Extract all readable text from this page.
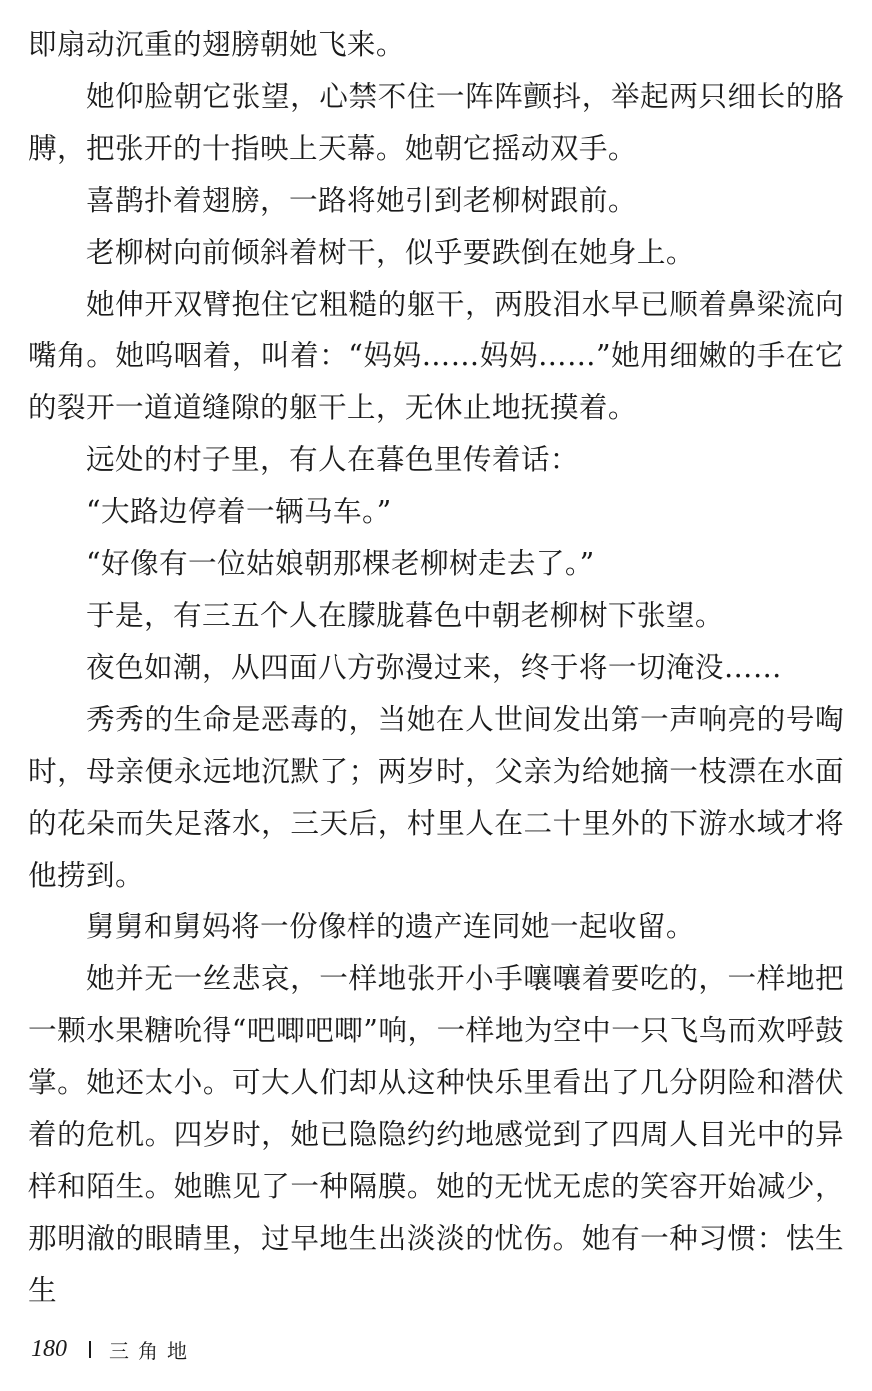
即扇动沉重的翅膀朝她飞来。

她仰脸朝它张望，心禁不住一阵阵颤抖，举起两只细长的胳膊，把张开的十指映上天幕。她朝它摇动双手。

喜鹊扑着翅膀，一路将她引到老柳树跟前。

老柳树向前倾斜着树干，似乎要跌倒在她身上。

她伸开双臂抱住它粗糙的躯干，两股泪水早已顺着鼻梁流向嘴角。她呜咽着，叫着：“妈妈……妈妈……”她用细嫩的手在它的裂开一道道缝隙的躯干上，无休止地抚摸着。

远处的村子里，有人在暮色里传着话：

“大路边停着一辆马车。”

“好像有一位姑娘朝那棵老柳树走去了。”

于是，有三五个人在朦胧暮色中朝老柳树下张望。

夜色如潮，从四面八方弥漫过来，终于将一切淹没……

秀秀的生命是恶毒的，当她在人世间发出第一声响亮的号啕时，母亲便永远地沉默了；两岁时，父亲为给她摘一枝漂在水面的花朵而失足落水，三天后，村里人在二十里外的下游水域才将他捞到。

舅舅和舅妈将一份像样的遗产连同她一起收留。

她并无一丝悲哀，一样地张开小手嚷嚷着要吃的，一样地把一颗水果糖吮得“吧唧吧唧”响，一样地为空中一只飞鸟而欢呼鼓掌。她还太小。可大人们却从这种快乐里看出了几分阴险和潜伏着的危机。四岁时，她已隐隐约约地感觉到了四周人目光中的异样和陌生。她瞧见了一种隔膜。她的无忧无虑的笑容开始减少，那明澈的眼睛里，过早地生出淡淡的忧伤。她有一种习惯：怯生生

180 三角地
